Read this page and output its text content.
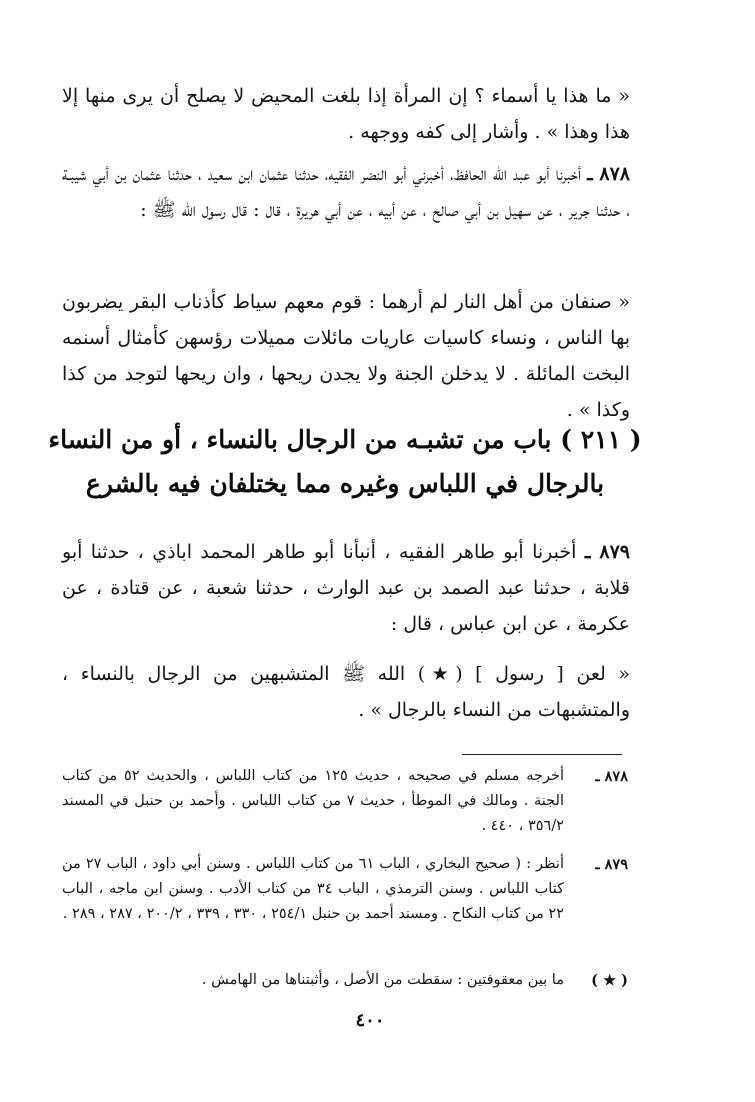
« ما هذا يا أسماء ؟ إن المرأة إذا بلغت المحيض لا يصلح أن يرى منها إلا هذا وهذا » . وأشار إلى كفه ووجهه .
٨٧٨ ـ أخبرنا أبو عبد الله الحافظ، أخبرني أبو النضر الفقيه، حدثنا عثمان ابن سعيد ، حدثنا عثمان بن أبي شيبـة ، حدثنا جرير ، عن سهيل بن أبي صالح ، عن أبيه ، عن أبي هريرة ، قال : قال رسول الله ﷺ :
« صنفان من أهل النار لم أرهما : قوم معهم سياط كأذناب البقر يضربون بها الناس ، ونساء كاسيات عاريات مائلات مميلات رؤسهن كأمثال أسنمه البخت المائلة . لا يدخلن الجنة ولا يجدن ريحها ، وان ريحها لتوجد من كذا وكذا » .
( ٢١١ ) باب من تشبـه من الرجال بالنساء ، أو من النساء بالرجال في اللباس وغيره مما يختلفان فيه بالشرع
٨٧٩ ـ أخبرنا أبو طاهر الفقيه ، أنبأنا أبو طاهر المحمد اباذي ، حدثنا أبو قلابة ، حدثنا عبد الصمد بن عبد الوارث ، حدثنا شعبة ، عن قتادة ، عن عكرمة ، عن ابن عباس ، قال :
« لعن [ رسول ] (★) الله ﷺ المتشبهين من الرجال بالنساء ، والمتشبهات من النساء بالرجال » .
٨٧٨ ـ
أخرجه مسلم في صحيحه ، حديث ١٢٥ من كتاب اللباس ، والحديث ٥٢ من كتاب الجنة . ومالك في الموطأ ، حديث ٧ من كتاب اللباس . وأحمد بن حنبل في المسند ٣٥٦/٢ ، ٤٤٠ .
٨٧٩ ـ
أنظر : ( صحيح البخاري ، الباب ٦١ من كتاب اللباس . وسنن أبي داود ، الباب ٢٧ من كتاب اللباس . وسنن الترمذي ، الباب ٣٤ من كتاب الأدب . وسنن ابن ماجه ، الباب ٢٢ من كتاب النكاح . ومسند أحمد بن حنبل ٢٥٤/١ ، ٣٣٠ ، ٣٣٩ ، ٢٠٠/٢ ، ٢٨٧ ، ٢٨٩ .
( ★ )
ما بين معقوفتين : سقطت من الأصل ، وأثبتناها من الهامش .
٤٠٠
